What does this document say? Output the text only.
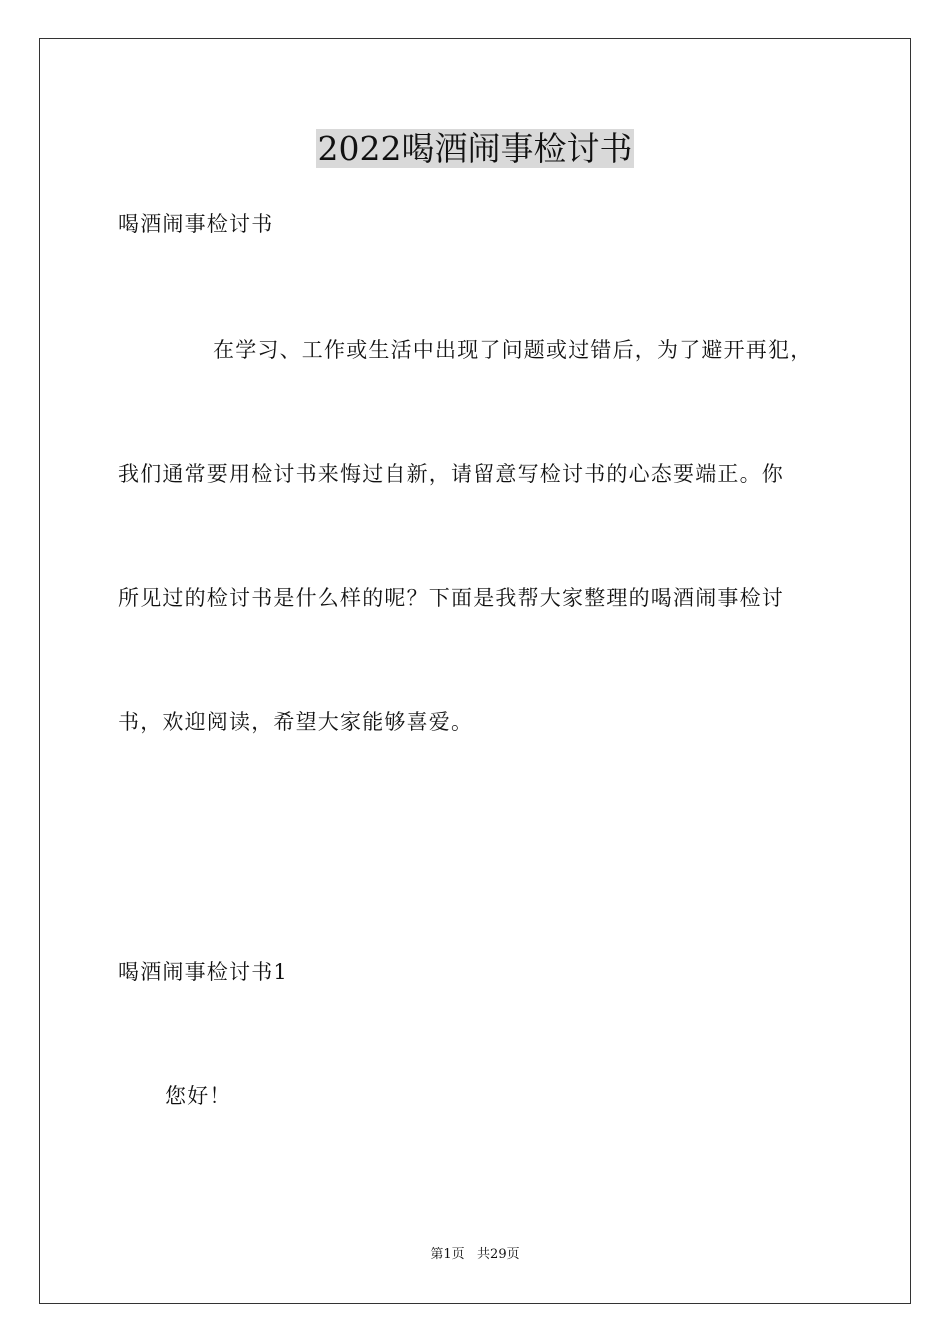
2022喝酒闹事检讨书
喝酒闹事检讨书
在学习、工作或生活中出现了问题或过错后，为了避开再犯，
我们通常要用检讨书来悔过自新，请留意写检讨书的心态要端正。你
所见过的检讨书是什么样的呢？下面是我帮大家整理的喝酒闹事检讨
书，欢迎阅读，希望大家能够喜爱。
喝酒闹事检讨书1
您好！
第1页   共29页
